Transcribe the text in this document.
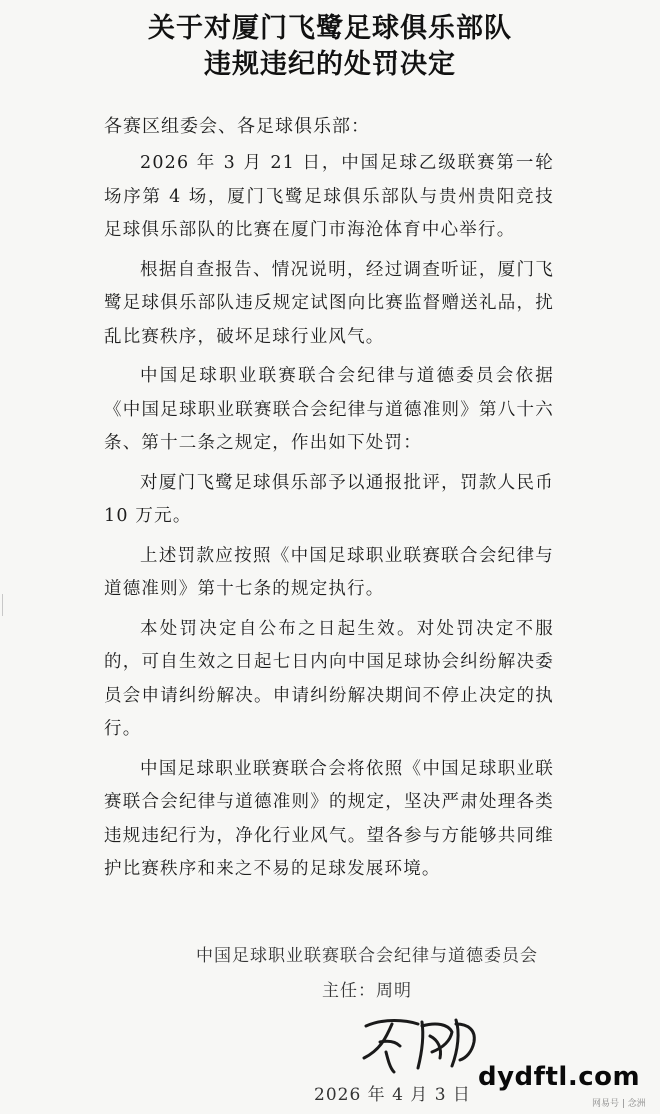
关于对厦门飞鹭足球俱乐部队
违规违纪的处罚决定
各赛区组委会、各足球俱乐部：

2026 年 3 月 21 日，中国足球乙级联赛第一轮场序第 4 场，厦门飞鹭足球俱乐部队与贵州贵阳竞技足球俱乐部队的比赛在厦门市海沧体育中心举行。

根据自查报告、情况说明，经过调查听证，厦门飞鹭足球俱乐部队违反规定试图向比赛监督赠送礼品，扰乱比赛秩序，破坏足球行业风气。

中国足球职业联赛联合会纪律与道德委员会依据《中国足球职业联赛联合会纪律与道德准则》第八十六条、第十二条之规定，作出如下处罚：

对厦门飞鹭足球俱乐部予以通报批评，罚款人民币 10 万元。

上述罚款应按照《中国足球职业联赛联合会纪律与道德准则》第十七条的规定执行。

本处罚决定自公布之日起生效。对处罚决定不服的，可自生效之日起七日内向中国足球协会纠纷解决委员会申请纠纷解决。申请纠纷解决期间不停止决定的执行。

中国足球职业联赛联合会将依照《中国足球职业联赛联合会纪律与道德准则》的规定，坚决严肃处理各类违规违纪行为，净化行业风气。望各参与方能够共同维护比赛秩序和来之不易的足球发展环境。

中国足球职业联赛联合会纪律与道德委员会
主任：周明
2026 年 4 月 3 日
dydftl.com
网易号 | 念洲
